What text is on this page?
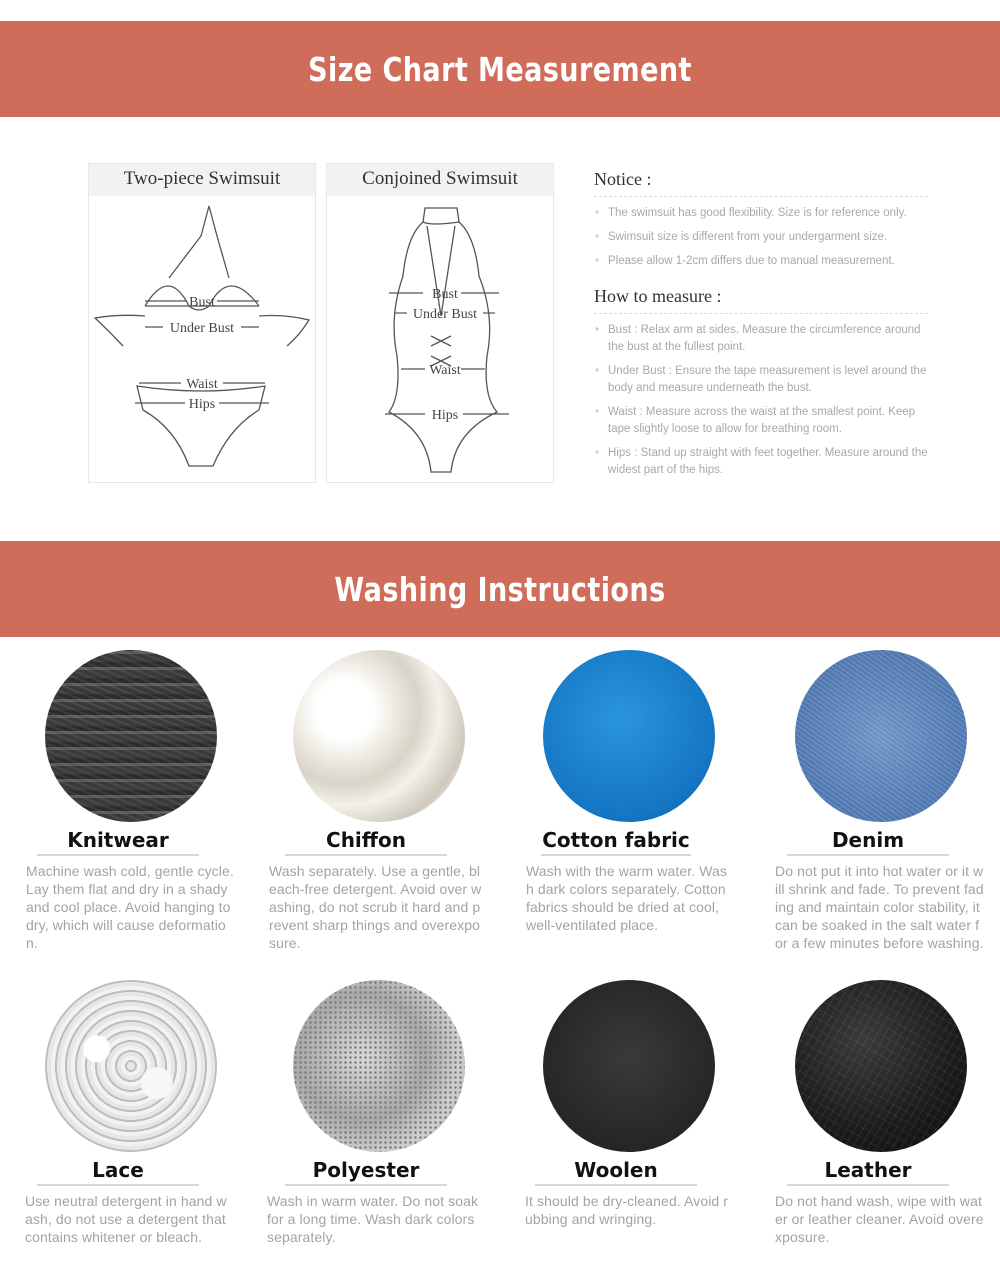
Size Chart Measurement
Two-piece Swimsuit
Bust
Under Bust
Waist
Hips
Conjoined Swimsuit
Bust
Under Bust
Waist
Hips
Notice :
• The swimsuit has good flexibility. Size is for reference only.
• Swimsuit size is different from your undergarment size.
• Please allow 1-2cm differs due to manual measurement.
How to measure :
• Bust : Relax arm at sides. Measure the circumference around the bust at the fullest point.
• Under Bust : Ensure the tape measurement is level around the body and measure underneath the bust.
• Waist : Measure across the waist at the smallest point. Keep tape slightly loose to allow for breathing room.
• Hips : Stand up straight with feet together. Measure around the widest part of the hips.
Washing Instructions
Knitwear

Machine wash cold, gentle cycle. Lay them flat and dry in a shady and cool place. Avoid hanging to dry, which will cause deformation.

Chiffon

Wash separately. Use a gentle, bleach-free detergent. Avoid over washing, do not scrub it hard and prevent sharp things and overexposure.

Cotton fabric

Wash with the warm water. Wash dark colors separately. Cotton fabrics should be dried at cool, well-ventilated place.

Denim

Do not put it into hot water or it will shrink and fade. To prevent fading and maintain color stability, it can be soaked in the salt water for a few minutes before washing.

Lace

Use neutral detergent in hand wash, do not use a detergent that contains whitener or bleach.

Polyester

Wash in warm water. Do not soak for a long time. Wash dark colors separately.

Woolen

It should be dry-cleaned. Avoid rubbing and wringing.

Leather

Do not hand wash, wipe with water or leather cleaner. Avoid overexposure.
